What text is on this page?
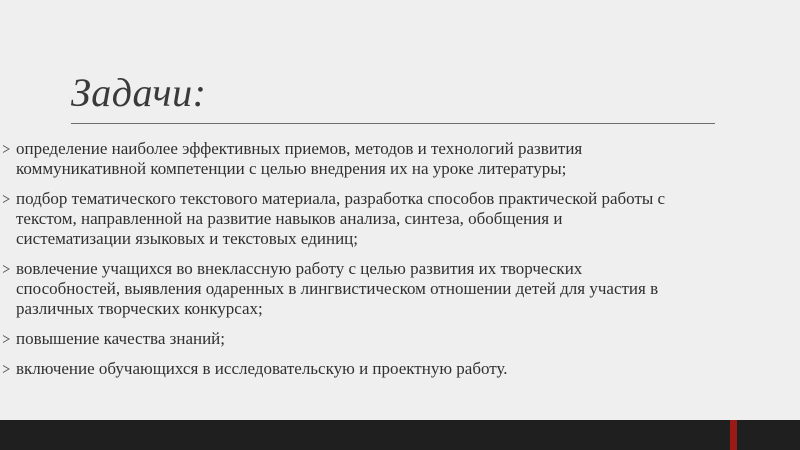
Задачи:
определение наиболее эффективных приемов, методов и технологий развития
коммуникативной компетенции с целью внедрения их на уроке литературы;
подбор тематического текстового материала, разработка способов практической работы с
текстом, направленной на развитие навыков анализа, синтеза, обобщения и
систематизации языковых и текстовых единиц;
вовлечение учащихся во внеклассную работу с целью развития их творческих
способностей, выявления одаренных в лингвистическом отношении детей для участия в
различных творческих конкурсах;
повышение качества знаний;
включение обучающихся в исследовательскую и проектную работу.
